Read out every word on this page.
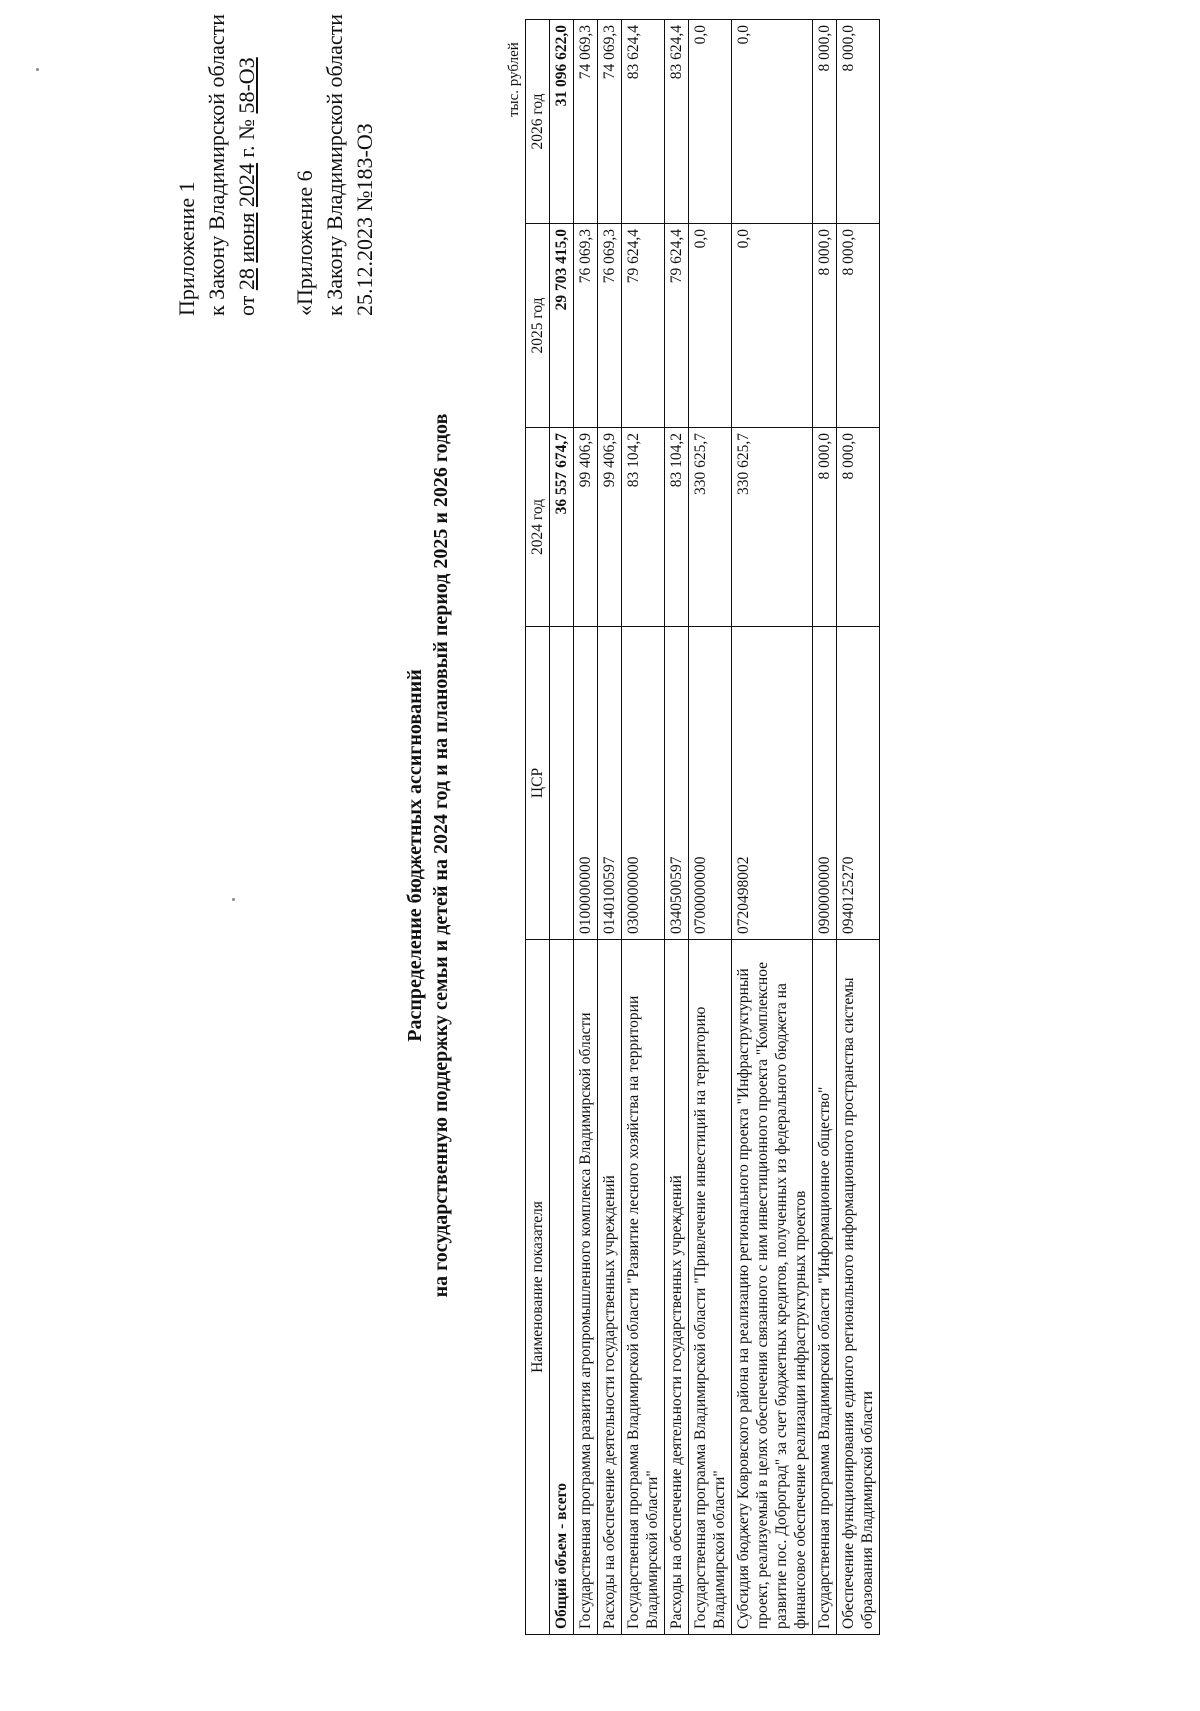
Приложение 1 к Закону Владимирской области от 28 июня 2024 г. № 58-ОЗ
«Приложение 6 к Закону Владимирской области 25.12.2023 №183-ОЗ
Распределение бюджетных ассигнований на государственную поддержку семьи и детей на 2024 год и на плановый период 2025 и 2026 годов
тыс. рублей
Наименование показателя	ЦСР	2024 год	2025 год	2026 год
Общий объем - всего		36 557 674,7	29 703 415,0	31 096 622,0
Государственная программа развития агропромышленного комплекса Владимирской области	0100000000	99 406,9	76 069,3	74 069,3
Расходы на обеспечение деятельности государственных учреждений	0140100597	99 406,9	76 069,3	74 069,3
Государственная программа Владимирской области "Развитие лесного хозяйства на территории Владимирской области"	0300000000	83 104,2	79 624,4	83 624,4
Расходы на обеспечение деятельности государственных учреждений	0340500597	83 104,2	79 624,4	83 624,4
Государственная программа Владимирской области "Привлечение инвестиций на территорию Владимирской области"	0700000000	330 625,7	0,0	0,0
Субсидия бюджету Ковровского района на реализацию регионального проекта "Инфраструктурный проект, реализуемый в целях обеспечения связанного с ним инвестиционного проекта "Комплексное развитие пос. Доброград" за счет бюджетных кредитов, полученных из федерального бюджета на финансовое обеспечение реализации инфраструктурных проектов	0720498002	330 625,7	0,0	0,0
Государственная программа Владимирской области "Информационное общество"	0900000000	8 000,0	8 000,0	8 000,0
Обеспечение функционирования единого регионального информационного пространства системы образования Владимирской области	0940125270	8 000,0	8 000,0	8 000,0
